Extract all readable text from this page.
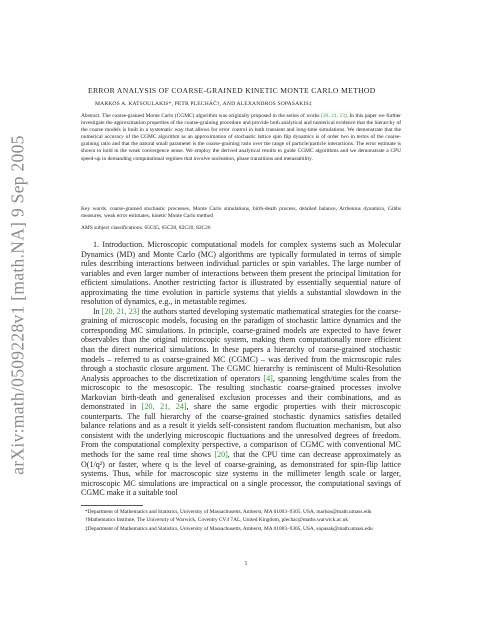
arXiv:math/0509228v1 [math.NA] 9 Sep 2005
ERROR ANALYSIS OF COARSE-GRAINED KINETIC MONTE CARLO METHOD
MARKOS A. KATSOULAKIS*, PETR PLECHÁČ†, AND ALEXANDROS SOPASAKIS‡
Abstract. The coarse-grained Monte Carlo (CGMC) algorithm was originally proposed in the series of works [20, 21, 23]. In this paper we further investigate the approximation properties of the coarse-graining procedure and provide both analytical and numerical evidence that the hierarchy of the coarse models is built in a systematic way that allows for error control in both transient and long-time simulations. We demonstrate that the numerical accuracy of the CGMC algorithm as an approximation of stochastic lattice spin flip dynamics is of order two in terms of the coarse-graining ratio and that the natural small parameter is the coarse-graining ratio over the range of particle/particle interactions. The error estimate is shown to hold in the weak convergence sense. We employ the derived analytical results to guide CGMC algorithms and we demonstrate a CPU speed-up in demanding computational regimes that involve nucleation, phase transitions and metastability.
Key words. coarse-grained stochastic processes, Monte Carlo simulations, birth-death process, detailed balance, Arrhenius dynamics, Gibbs measures, weak error estimates, kinetic Monte Carlo method
AMS subject classifications. 65C05, 65C20, 82C20, 82C26

1. Introduction. Microscopic computational models for complex systems such as Molecular Dynamics (MD) and Monte Carlo (MC) algorithms are typically formulated in terms of simple rules describing interactions between individual particles or spin variables. The large number of variables and even larger number of interactions between them present the principal limitation for efficient simulations. Another restricting factor is illustrated by essentially sequential nature of approximating the time evolution in particle systems that yields a substantial slowdown in the resolution of dynamics, e.g., in metastable regimes.

In [20, 21, 23] the authors started developing systematic mathematical strategies for the coarse-graining of microscopic models, focusing on the paradigm of stochastic lattice dynamics and the corresponding MC simulations. In principle, coarse-grained models are expected to have fewer observables than the original microscopic system, making them computationally more efficient than the direct numerical simulations. In these papers a hierarchy of coarse-grained stochastic models – referred to as coarse-grained MC (CGMC) – was derived from the microscopic rules through a stochastic closure argument. The CGMC hierarchy is reminiscent of Multi-Resolution Analysis approaches to the discretization of operators [4], spanning length/time scales from the microscopic to the mesoscopic. The resulting stochastic coarse-grained processes involve Markovian birth-death and generalised exclusion processes and their combinations, and as demonstrated in [20, 21, 24], share the same ergodic properties with their microscopic counterparts. The full hierarchy of the coarse-grained stochastic dynamics satisfies detailed balance relations and as a result it yields self-consistent random fluctuation mechanism, but also consistent with the underlying microscopic fluctuations and the unresolved degrees of freedom. From the computational complexity perspective, a comparison of CGMC with conventional MC methods for the same real time shows [20], that the CPU time can decrease approximately as O(1/q²) or faster, where q is the level of coarse-graining, as demonstrated for spin-flip lattice systems. Thus, while for macroscopic size systems in the millimeter length scale or larger, microscopic MC simulations are impractical on a single processor, the computational savings of CGMC make it a suitable tool

*Department of Mathematics and Statistics, University of Massachusetts, Amherst, MA 01003–9305, USA, markos@math.umass.edu

†Mathematics Institute, The University of Warwick, Coventry CV4 7AL, United Kingdom, plechac@maths.warwick.ac.uk

‡Department of Mathematics and Statistics, University of Massachusetts, Amherst, MA 01003–9305, USA, sopasak@math.umass.edu

1
